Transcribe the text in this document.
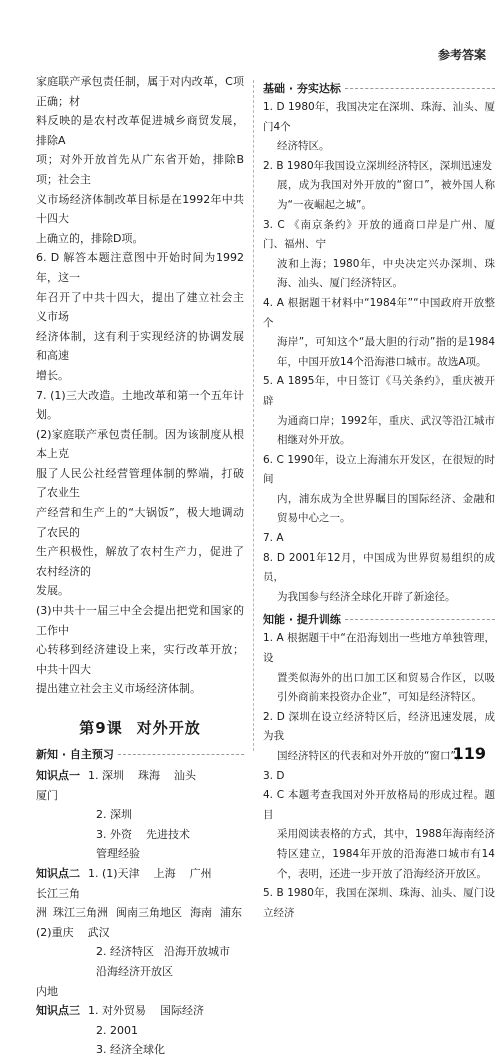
参考答案

家庭联产承包责任制，属于对内改革，C项正确；材

料反映的是农村改革促进城乡商贸发展，排除A

项；对外开放首先从广东省开始，排除B项；社会主

义市场经济体制改革目标是在1992年中共十四大

上确立的，排除D项。

6. D 解答本题注意图中开始时间为1992年，这一

年召开了中共十四大，提出了建立社会主义市场

经济体制，这有利于实现经济的协调发展和高速

增长。

7. (1)三大改造。土地改革和第一个五年计划。

(2)家庭联产承包责任制。因为该制度从根本上克

服了人民公社经营管理体制的弊端，打破了农业生

产经营和生产上的“大锅饭”，极大地调动了农民的

生产积极性，解放了农村生产力，促进了农村经济的

发展。

(3)中共十一届三中全会提出把党和国家的工作中

心转移到经济建设上来，实行改革开放；中共十四大

提出建立社会主义市场经济体制。

第9课 对外开放
新知 · 自主预习
知识点一 1. 深圳 珠海 汕头厦门
2. 深圳
3. 外资 先进技术管理经验
知识点二 1. (1)天津 上海 广州长江三角
洲 珠江三角洲 闽南三角地区 海南 浦东
(2)重庆 武汉
2. 经济特区 沿海开放城市沿海经济开放区
内地
知识点三 1. 对外贸易 国际经济
2. 2001
3. 经济全球化
基础 · 夯实达标
1. D 1980年，我国决定在深圳、珠海、汕头、厦门4个
经济特区。
2. B 1980年我国设立深圳经济特区，深圳迅速发
展，成为我国对外开放的“窗口”，被外国人称为“一夜崛起之城”。
3. C 《南京条约》开放的通商口岸是广州、厦门、福州、宁
波和上海；1980年，中央决定兴办深圳、珠海、汕头、厦门经济特区。
4. A 根据题干材料中“1984年”“中国政府开放整个
海岸”，可知这个“最大胆的行动”指的是1984年，中国开放14个沿海港口城市。故选A项。
5. A 1895年，中日签订《马关条约》，重庆被开辟
为通商口岸；1992年，重庆、武汉等沿江城市相继对外开放。
6. C 1990年，设立上海浦东开发区，在很短的时间
内，浦东成为全世界瞩目的国际经济、金融和贸易中心之一。
7. A
8. D 2001年12月，中国成为世界贸易组织的成员，
为我国参与经济全球化开辟了新途径。
知能 · 提升训练
1. A 根据题干中“在沿海划出一些地方单独管理，设
置类似海外的出口加工区和贸易合作区，以吸引外商前来投资办企业”，可知是经济特区。
2. D 深圳在设立经济特区后，经济迅速发展，成为我
国经济特区的代表和对外开放的“窗口”。
3. D
4. C 本题考查我国对外开放格局的形成过程。题目
采用阅读表格的方式，其中，1988年海南经济特区建立，1984年开放的沿海港口城市有14个，表明，还进一步开放了沿海经济开放区。
5. B 1980年，我国在深圳、珠海、汕头、厦门设立经济
119
